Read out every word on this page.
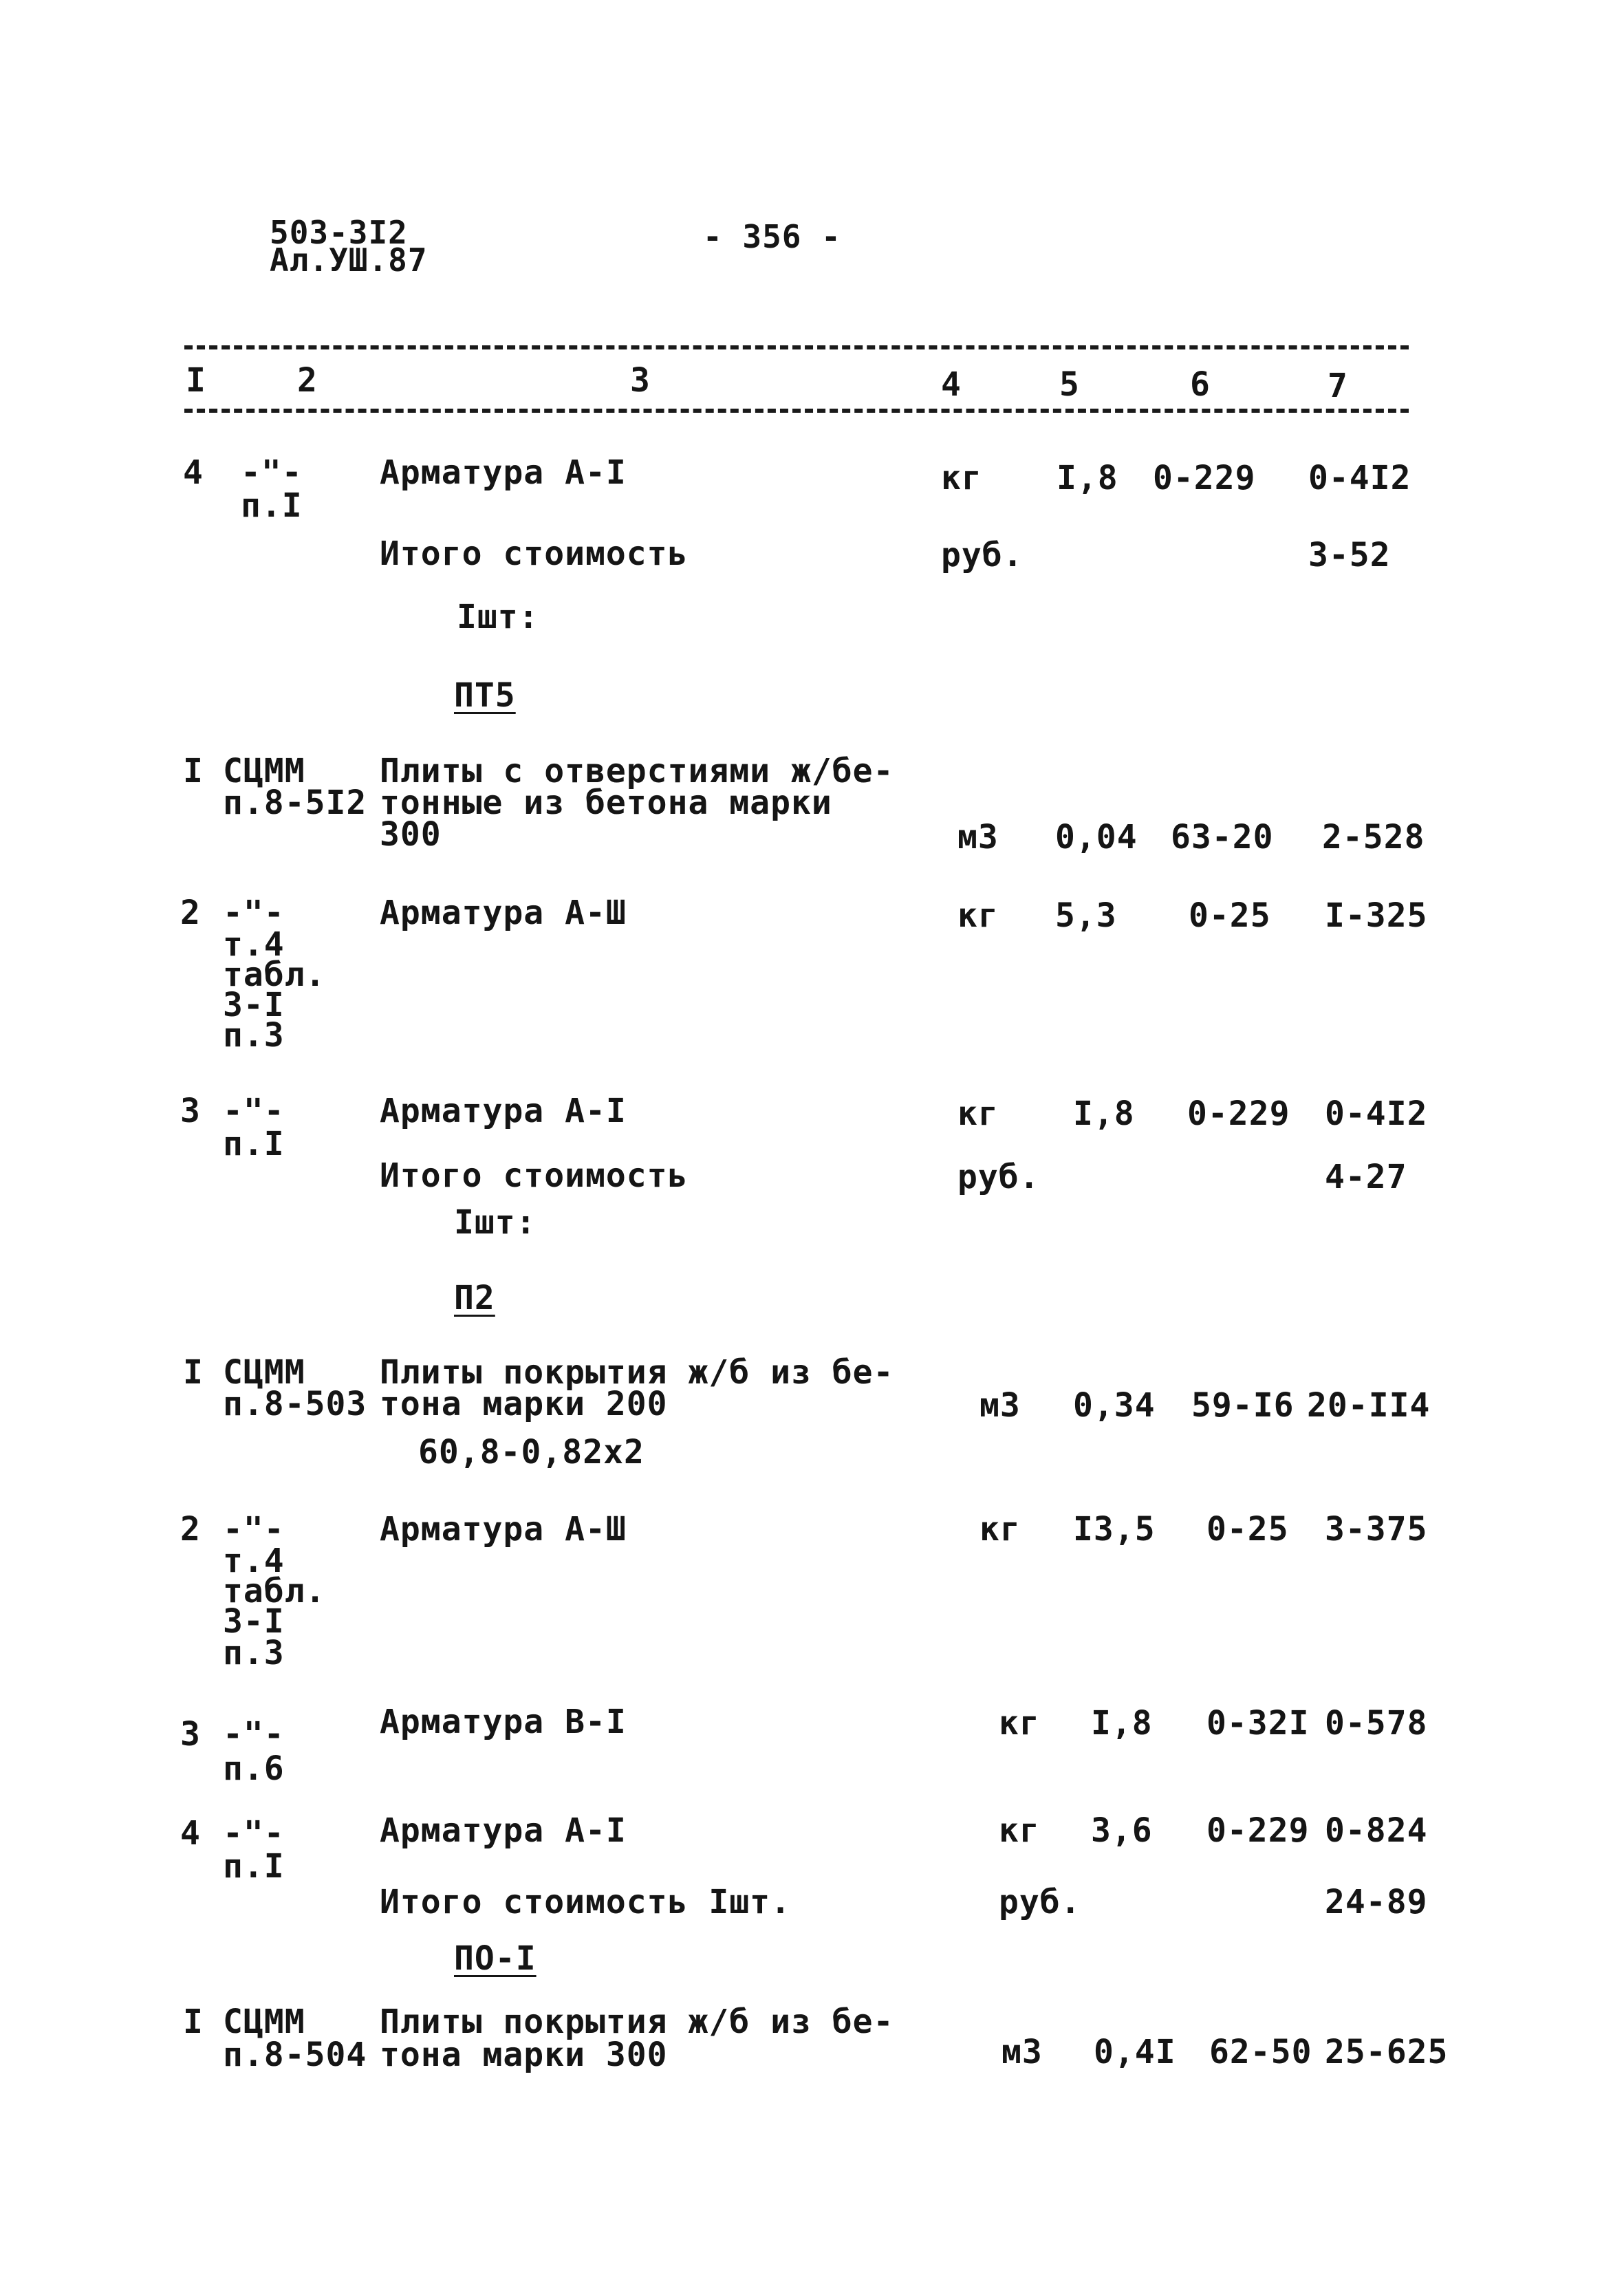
503-3I2
Ал.УШ.87
- 356 -
I	2	3	4	5	6	7
4 -"-
п.I
Арматура А-I	кг I,8 0-229 0-4I2
Итого стоимость	руб.	3-52
Iшт:
ПТ5
I СЦММ
п.8-5I2
Плиты с отверстиями ж/бе-
тонные из бетона марки
300	м3 0,04 63-20 2-528
2 -"-
т.4
табл.
3-I
п.3
Арматура А-Ш	кг 5,3 0-25 I-325
3 -"-
п.I
Арматура А-I	кг I,8 0-229 0-4I2
Итого стоимость	руб.	4-27
Iшт:
П2
I СЦММ
п.8-503
Плиты покрытия ж/б из бе-
тона марки 200
60,8-0,82х2
м3 0,34 59-I6 20-II4
2 -"-
т.4
табл.
3-I
п.3
Арматура А-Ш	кг I3,5 0-25 3-375
3 -"-
п.6
Арматура В-I	кг I,8 0-32I 0-578
4 -"-
п.I
Арматура А-I	кг 3,6 0-229 0-824
Итого стоимость Iшт.	руб.	24-89
ПО-I
I СЦММ
п.8-504
Плиты покрытия ж/б из бе-
тона марки 300	м3 0,4I 62-50 25-625
